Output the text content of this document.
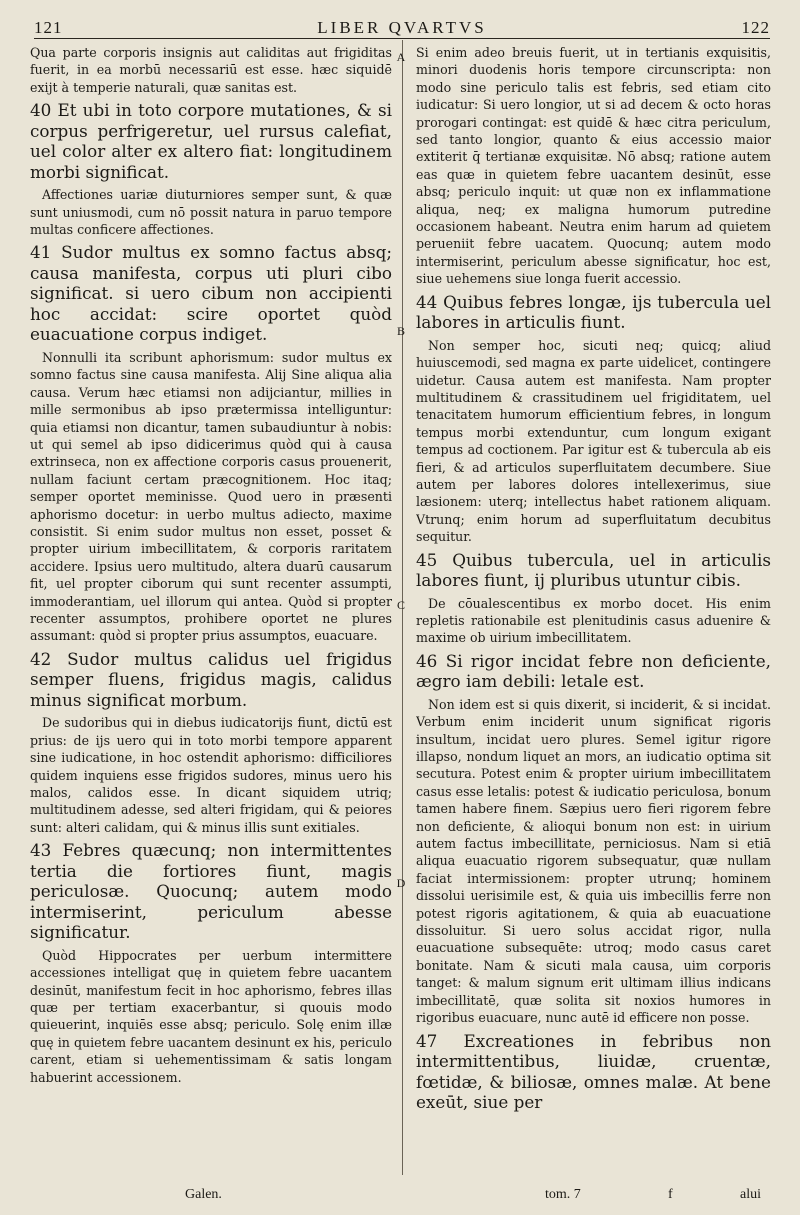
121	LIBER QVARTVS	122
A
B
C
D

Qua parte corporis insignis aut caliditas aut frigiditas fuerit, in ea morbū necessariū est esse. hæc siquidē exijt à temperie naturali, quæ sanitas est.

40 Et ubi in toto corpore mutationes, & si corpus perfrigeretur, uel rursus calefiat, uel color alter ex altero fiat: longitudinem morbi significat.

Affectiones uariæ diuturniores semper sunt, & quæ sunt uniusmodi, cum nō possit natura in paruo tempore multas conficere affectiones.

41 Sudor multus ex somno factus absq; causa manifesta, corpus uti pluri cibo significat. si uero cibum non accipienti hoc accidat: scire oportet quòd euacuatione corpus indiget.

Nonnulli ita scribunt aphorismum: sudor multus ex somno factus sine causa manifesta. Alij Sine aliqua alia causa. Verum hæc etiamsi non adijciantur, millies in mille sermonibus ab ipso prætermissa intelliguntur: quia etiamsi non dicantur, tamen subaudiuntur à nobis: ut qui semel ab ipso didicerimus quòd qui à causa extrinseca, non ex affectione corporis casus prouenerit, nullam faciunt certam præcognitionem. Hoc itaq; semper oportet meminisse. Quod uero in præsenti aphorismo docetur: in uerbo multus adiecto, maxime consistit. Si enim sudor multus non esset, posset & propter uirium imbecillitatem, & corporis raritatem accidere. Ipsius uero multitudo, altera duarū causarum fit, uel propter ciborum qui sunt recenter assumpti, immoderantiam, uel illorum qui antea. Quòd si propter recenter assumptos, prohibere oportet ne plures assumant: quòd si propter prius assumptos, euacuare.

42 Sudor multus calidus uel frigidus semper fluens, frigidus magis, calidus minus significat morbum.

De sudoribus qui in diebus iudicatorijs fiunt, dictū est prius: de ijs uero qui in toto morbi tempore apparent sine iudicatione, in hoc ostendit aphorismo: difficiliores quidem inquiens esse frigidos sudores, minus uero his malos, calidos esse. In dicant siquidem utriq; multitudinem adesse, sed alteri frigidam, qui & peiores sunt: alteri calidam, qui & minus illis sunt exitiales.

43 Febres quæcunq; non intermittentes tertia die fortiores fiunt, magis periculosæ. Quocunq; autem modo intermiserint, periculum abesse significatur.

Quòd Hippocrates per uerbum intermittere accessiones intelligat quę in quietem febre uacantem desinūt, manifestum fecit in hoc aphorismo, febres illas quæ per tertiam exacerbantur, si quouis modo quieuerint, inquiēs esse absq; periculo. Solę enim illæ quę in quietem febre uacantem desinunt ex his, periculo carent, etiam si uehementissimam & satis longam habuerint accessionem.

Si enim adeo breuis fuerit, ut in tertianis exquisitis, minori duodenis horis tempore circunscripta: non modo sine periculo talis est febris, sed etiam cito iudicatur: Si uero longior, ut si ad decem & octo horas prorogari contingat: est quidē & hæc citra periculum, sed tanto longior, quanto & eius accessio maior extiterit q̄ tertianæ exquisitæ. Nō absq; ratione autem eas quæ in quietem febre uacantem desinūt, esse absq; periculo inquit: ut quæ non ex inflammatione aliqua, neq; ex maligna humorum putredine occasionem habeant. Neutra enim harum ad quietem perueniit febre uacatem. Quocunq; autem modo intermiserint, periculum abesse significatur, hoc est, siue uehemens siue longa fuerit accessio.

44 Quibus febres longæ, ijs tubercula uel labores in articulis fiunt.

Non semper hoc, sicuti neq; quicq; aliud huiuscemodi, sed magna ex parte uidelicet, contingere uidetur. Causa autem est manifesta. Nam propter multitudinem & crassitudinem uel frigiditatem, uel tenacitatem humorum efficientium febres, in longum tempus morbi extenduntur, cum longum exigant tempus ad coctionem. Par igitur est & tubercula ab eis fieri, & ad articulos superfluitatem decumbere. Siue autem per labores dolores intellexerimus, siue læsionem: uterq; intellectus habet rationem aliquam. Vtrunq; enim horum ad superfluitatum decubitus sequitur.

45 Quibus tubercula, uel in articulis labores fiunt, ij pluribus utuntur cibis.

De cōualescentibus ex morbo docet. His enim repletis rationabile est plenitudinis casus aduenire & maxime ob uirium imbecillitatem.

46 Si rigor incidat febre non deficiente, ægro iam debili: letale est.

Non idem est si quis dixerit, si inciderit, & si incidat. Verbum enim inciderit unum significat rigoris insultum, incidat uero plures. Semel igitur rigore illapso, nondum liquet an mors, an iudicatio optima sit secutura. Potest enim & propter uirium imbecillitatem casus esse letalis: potest & iudicatio periculosa, bonum tamen habere finem. Sæpius uero fieri rigorem febre non deficiente, & alioqui bonum non est: in uirium autem factus imbecillitate, perniciosus. Nam si etiā aliqua euacuatio rigorem subsequatur, quæ nullam faciat intermissionem: propter utrunq; hominem dissolui uerisimile est, & quia uis imbecillis ferre non potest rigoris agitationem, & quia ab euacuatione dissoluitur. Si uero solus accidat rigor, nulla euacuatione subsequēte: utroq; modo casus caret bonitate. Nam & sicuti mala causa, uim corporis tanget: & malum signum erit ultimam illius indicans imbecillitatē, quæ solita sit noxios humores in rigoribus euacuare, nunc autē id efficere non posse.

47 Excreationes in febribus non intermittentibus, liuidæ, cruentæ, fœtidæ, & biliosæ, omnes malæ. At bene exeūt, siue per

Galen.	tom. 7	f	alui
